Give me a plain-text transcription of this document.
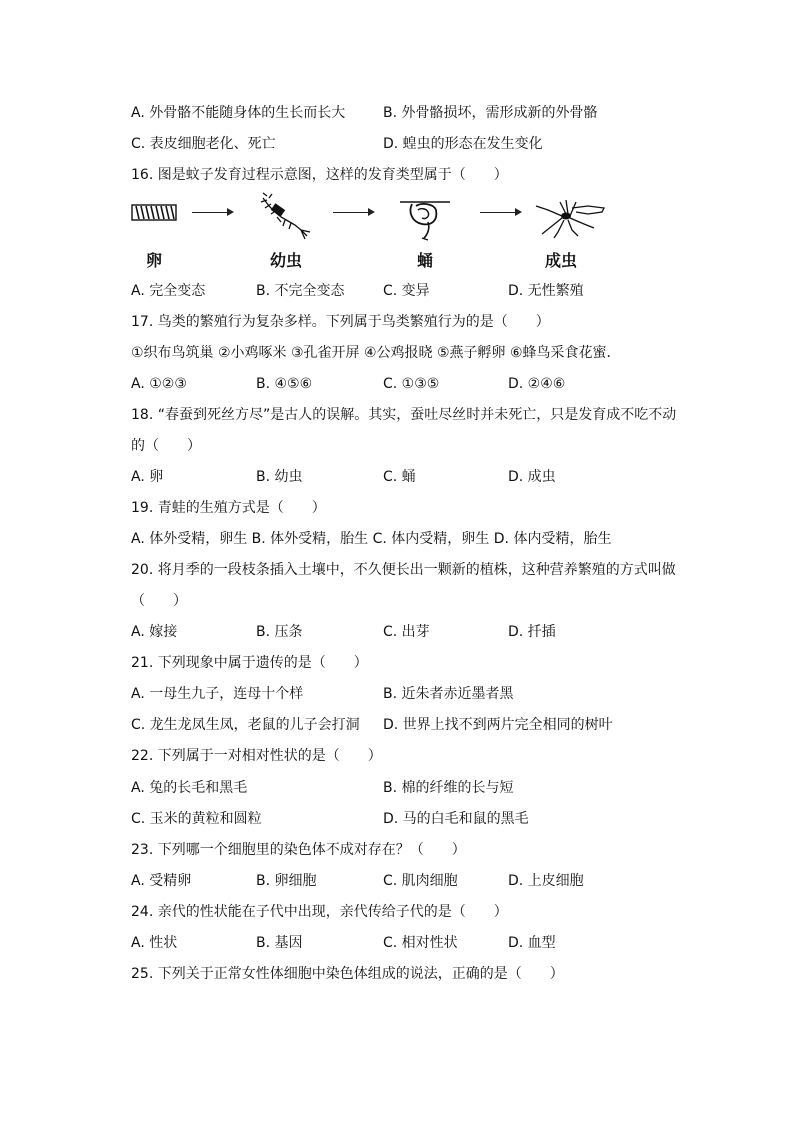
A. 外骨骼不能随身体的生长而长大	B. 外骨骼损坏，需形成新的外骨骼
C. 表皮细胞老化、死亡	D. 蝗虫的形态在发生变化
16. 图是蚊子发育过程示意图，这样的发育类型属于（　　）
卵	幼虫	蛹	成虫
A. 完全变态	B. 不完全变态	C. 变异	D. 无性繁殖
17. 鸟类的繁殖行为复杂多样。下列属于鸟类繁殖行为的是（　　）
①织布鸟筑巢 ②小鸡啄米 ③孔雀开屏 ④公鸡报晓 ⑤燕子孵卵 ⑥蜂鸟采食花蜜．
A. ①②③	B. ④⑤⑥	C. ①③⑤	D. ②④⑥
18. “春蚕到死丝方尽”是古人的误解。其实，蚕吐尽丝时并未死亡，只是发育成不吃不动
的（　　）
A. 卵	B. 幼虫	C. 蛹	D. 成虫
19. 青蛙的生殖方式是（　　）
A. 体外受精，卵生 B. 体外受精，胎生 C. 体内受精，卵生 D. 体内受精，胎生
20. 将月季的一段枝条插入土壤中，不久便长出一颗新的植株，这种营养繁殖的方式叫做
（　　）
A. 嫁接	B. 压条	C. 出芽	D. 扦插
21. 下列现象中属于遗传的是（　　）
A. 一母生九子，连母十个样	B. 近朱者赤近墨者黑
C. 龙生龙凤生凤，老鼠的儿子会打洞 D. 世界上找不到两片完全相同的树叶
22. 下列属于一对相对性状的是（　　）
A. 兔的长毛和黑毛	B. 棉的纤维的长与短
C. 玉米的黄粒和圆粒	D. 马的白毛和鼠的黑毛
23. 下列哪一个细胞里的染色体不成对存在？（　　）
A. 受精卵	B. 卵细胞	C. 肌肉细胞	D. 上皮细胞
24. 亲代的性状能在子代中出现，亲代传给子代的是（　　）
A. 性状	B. 基因	C. 相对性状	D. 血型
25. 下列关于正常女性体细胞中染色体组成的说法，正确的是（　　）
